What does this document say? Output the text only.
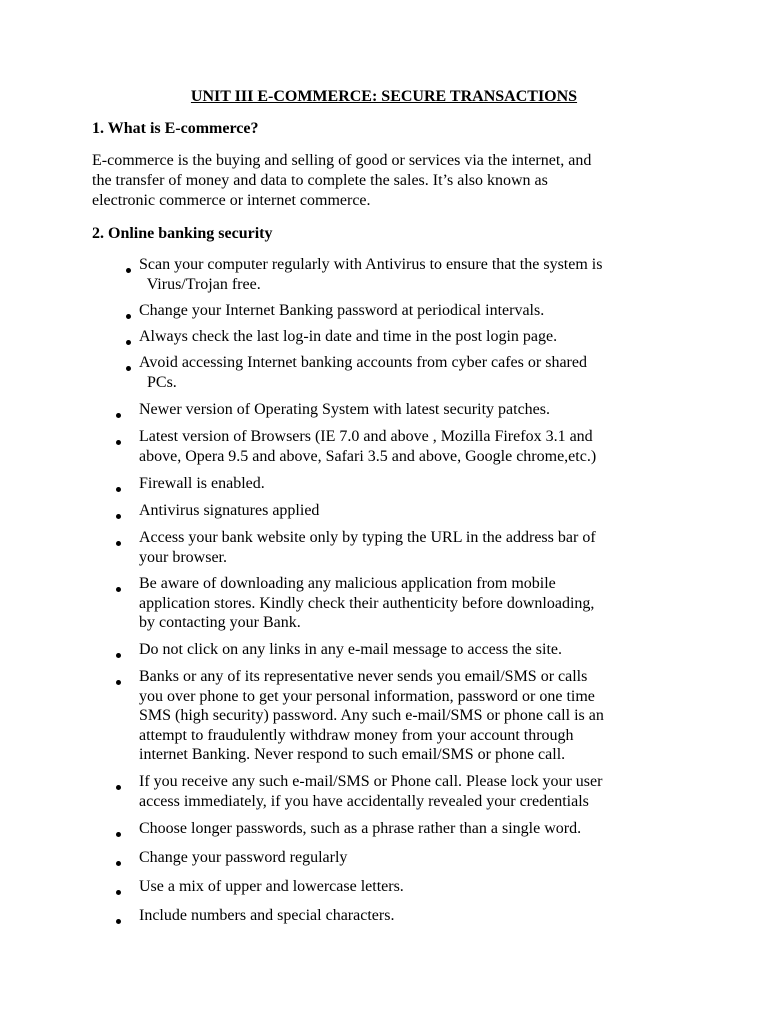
UNIT III E-COMMERCE: SECURE TRANSACTIONS
1. What is E-commerce?
E-commerce is the buying and selling of good or services via the internet, and
the transfer of money and data to complete the sales. It’s also known as
electronic commerce or internet commerce.
2. Online banking security
Scan your computer regularly with Antivirus to ensure that the system is
Virus/Trojan free.
Change your Internet Banking password at periodical intervals.
Always check the last log-in date and time in the post login page.
Avoid accessing Internet banking accounts from cyber cafes or shared
PCs.
Newer version of Operating System with latest security patches.
Latest version of Browsers (IE 7.0 and above , Mozilla Firefox 3.1 and
above, Opera 9.5 and above, Safari 3.5 and above, Google chrome,etc.)
Firewall is enabled.
Antivirus signatures applied
Access your bank website only by typing the URL in the address bar of
your browser.
Be aware of downloading any malicious application from mobile
application stores. Kindly check their authenticity before downloading,
by contacting your Bank.
Do not click on any links in any e-mail message to access the site.
Banks or any of its representative never sends you email/SMS or calls
you over phone to get your personal information, password or one time
SMS (high security) password. Any such e-mail/SMS or phone call is an
attempt to fraudulently withdraw money from your account through
internet Banking. Never respond to such email/SMS or phone call.
If you receive any such e-mail/SMS or Phone call. Please lock your user
access immediately, if you have accidentally revealed your credentials
Choose longer passwords, such as a phrase rather than a single word.
Change your password regularly
Use a mix of upper and lowercase letters.
Include numbers and special characters.
